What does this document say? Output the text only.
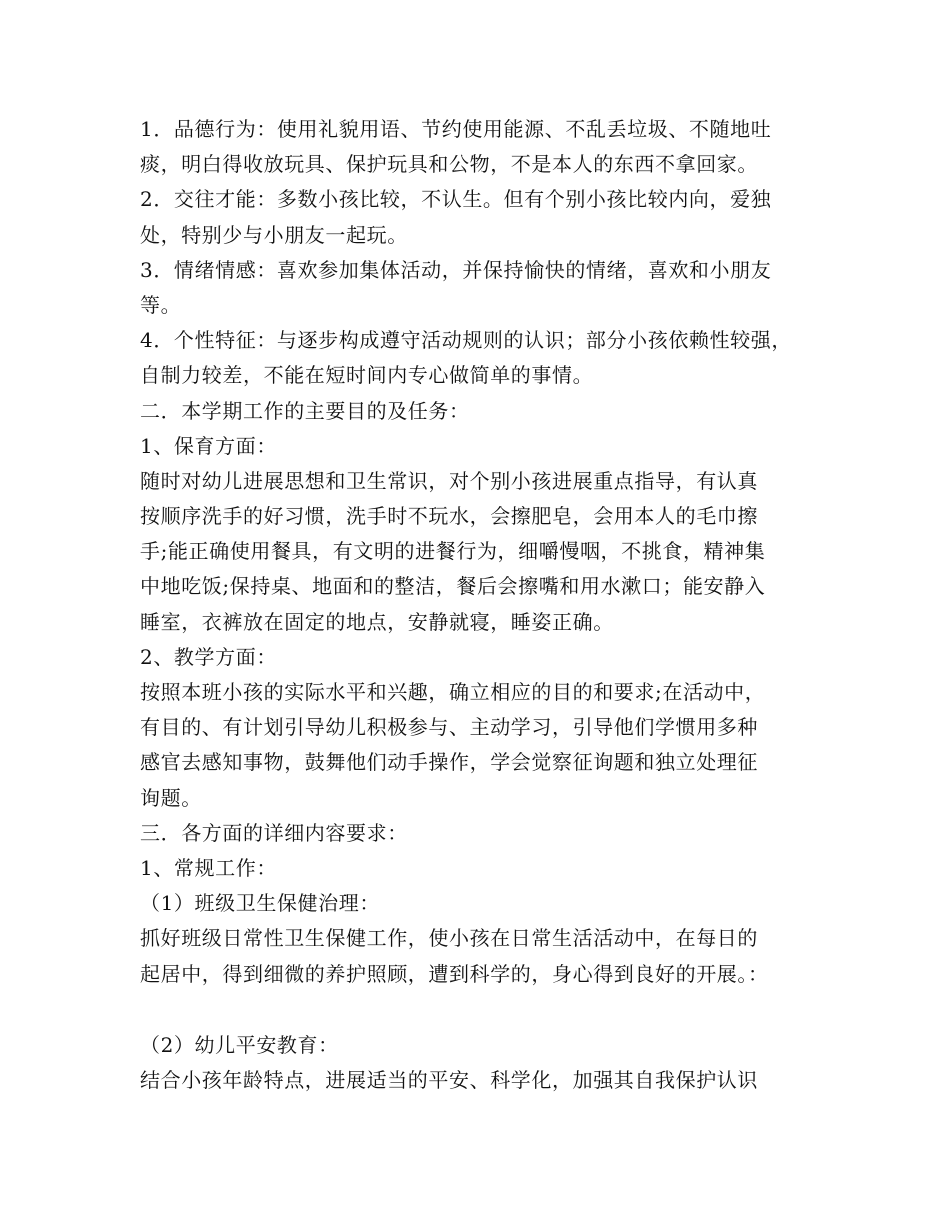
1．品德行为：使用礼貌用语、节约使用能源、不乱丢垃圾、不随地吐
痰，明白得收放玩具、保护玩具和公物，不是本人的东西不拿回家。
2．交往才能：多数小孩比较，不认生。但有个别小孩比较内向，爱独
处，特别少与小朋友一起玩。
3．情绪情感：喜欢参加集体活动，并保持愉快的情绪，喜欢和小朋友
等。
4．个性特征：与逐步构成遵守活动规则的认识；部分小孩依赖性较强，
自制力较差，不能在短时间内专心做简单的事情。
二．本学期工作的主要目的及任务：
1、保育方面：
随时对幼儿进展思想和卫生常识，对个别小孩进展重点指导，有认真
按顺序洗手的好习惯，洗手时不玩水，会擦肥皂，会用本人的毛巾擦
手;能正确使用餐具，有文明的进餐行为，细嚼慢咽，不挑食，精神集
中地吃饭;保持桌、地面和的整洁，餐后会擦嘴和用水漱口；能安静入
睡室，衣裤放在固定的地点，安静就寝，睡姿正确。
2、教学方面：
按照本班小孩的实际水平和兴趣，确立相应的目的和要求;在活动中，
有目的、有计划引导幼儿积极参与、主动学习，引导他们学惯用多种
感官去感知事物，鼓舞他们动手操作，学会觉察征询题和独立处理征
询题。
三．各方面的详细内容要求：
1、常规工作：
（1）班级卫生保健治理：
抓好班级日常性卫生保健工作，使小孩在日常生活活动中，在每日的
起居中，得到细微的养护照顾，遭到科学的，身心得到良好的开展。：
（2）幼儿平安教育：
结合小孩年龄特点，进展适当的平安、科学化，加强其自我保护认识
